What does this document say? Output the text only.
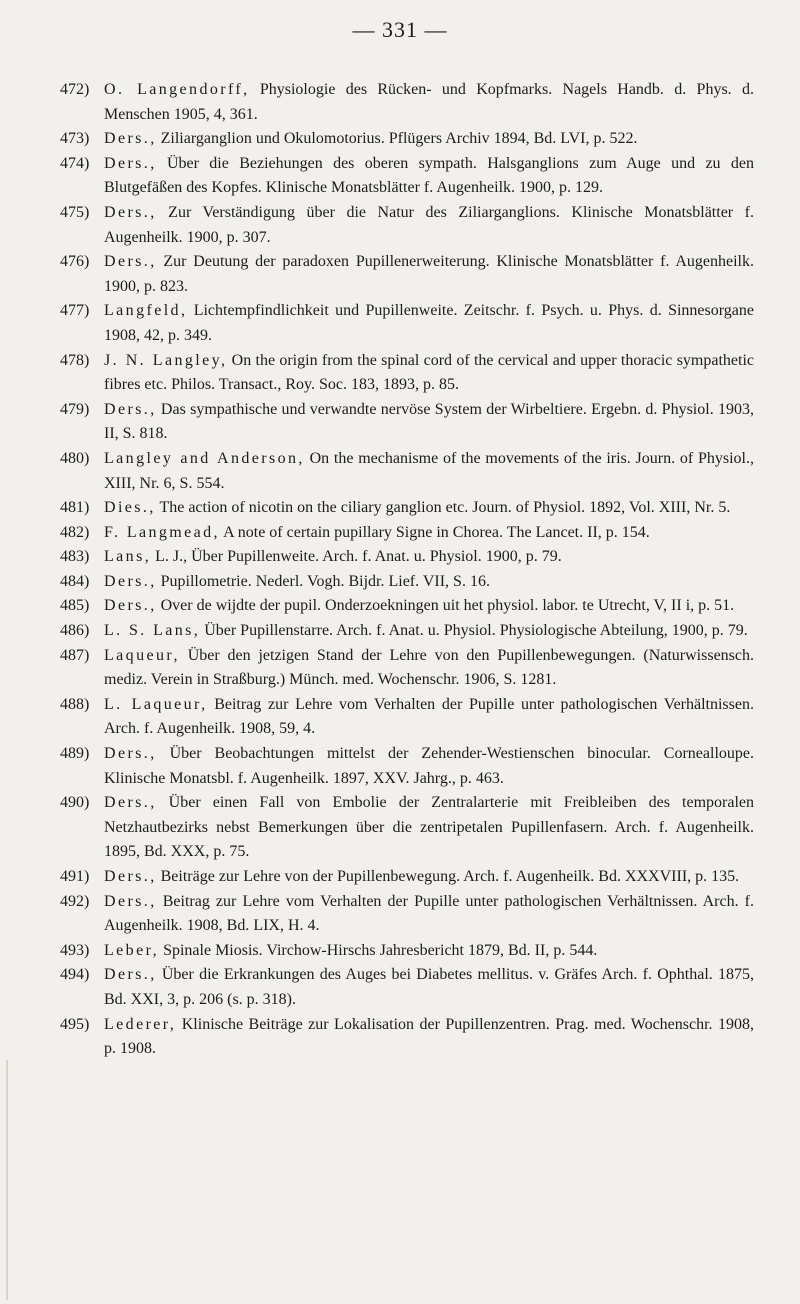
— 331 —
472) O. Langendorff, Physiologie des Rücken- und Kopfmarks. Nagels Handb. d. Phys. d. Menschen 1905, 4, 361.
473) Ders., Ziliarganglion und Okulomotorius. Pflügers Archiv 1894, Bd. LVI, p. 522.
474) Ders., Über die Beziehungen des oberen sympath. Halsganglions zum Auge und zu den Blutgefäßen des Kopfes. Klinische Monatsblätter f. Augenheilk. 1900, p. 129.
475) Ders., Zur Verständigung über die Natur des Ziliarganglions. Klinische Monatsblätter f. Augenheilk. 1900, p. 307.
476) Ders., Zur Deutung der paradoxen Pupillenerweiterung. Klinische Monatsblätter f. Augenheilk. 1900, p. 823.
477) Langfeld, Lichtempfindlichkeit und Pupillenweite. Zeitschr. f. Psych. u. Phys. d. Sinnesorgane 1908, 42, p. 349.
478) J. N. Langley, On the origin from the spinal cord of the cervical and upper thoracic sympathetic fibres etc. Philos. Transact., Roy. Soc. 183, 1893, p. 85.
479) Ders., Das sympathische und verwandte nervöse System der Wirbeltiere. Ergebn. d. Physiol. 1903, II, S. 818.
480) Langley and Anderson, On the mechanisme of the movements of the iris. Journ. of Physiol., XIII, Nr. 6, S. 554.
481) Dies., The action of nicotin on the ciliary ganglion etc. Journ. of Physiol. 1892, Vol. XIII, Nr. 5.
482) F. Langmead, A note of certain pupillary Signe in Chorea. The Lancet. II, p. 154.
483) Lans, L. J., Über Pupillenweite. Arch. f. Anat. u. Physiol. 1900, p. 79.
484) Ders., Pupillometrie. Nederl. Vogh. Bijdr. Lief. VII, S. 16.
485) Ders., Over de wijdte der pupil. Onderzoekningen uit het physiol. labor. te Utrecht, V, II i, p. 51.
486) L. S. Lans, Über Pupillenstarre. Arch. f. Anat. u. Physiol. Physiologische Abteilung, 1900, p. 79.
487) Laqueur, Über den jetzigen Stand der Lehre von den Pupillenbewegungen. (Naturwissensch. mediz. Verein in Straßburg.) Münch. med. Wochenschr. 1906, S. 1281.
488) L. Laqueur, Beitrag zur Lehre vom Verhalten der Pupille unter pathologischen Verhältnissen. Arch. f. Augenheilk. 1908, 59, 4.
489) Ders., Über Beobachtungen mittelst der Zehender-Westienschen binocular. Cornealloupe. Klinische Monatsbl. f. Augenheilk. 1897, XXV. Jahrg., p. 463.
490) Ders., Über einen Fall von Embolie der Zentralarterie mit Freibleiben des temporalen Netzhautbezirks nebst Bemerkungen über die zentripetalen Pupillenfasern. Arch. f. Augenheilk. 1895, Bd. XXX, p. 75.
491) Ders., Beiträge zur Lehre von der Pupillenbewegung. Arch. f. Augenheilk. Bd. XXXVIII, p. 135.
492) Ders., Beitrag zur Lehre vom Verhalten der Pupille unter pathologischen Verhältnissen. Arch. f. Augenheilk. 1908, Bd. LIX, H. 4.
493) Leber, Spinale Miosis. Virchow-Hirschs Jahresbericht 1879, Bd. II, p. 544.
494) Ders., Über die Erkrankungen des Auges bei Diabetes mellitus. v. Gräfes Arch. f. Ophthal. 1875, Bd. XXI, 3, p. 206 (s. p. 318).
495) Lederer, Klinische Beiträge zur Lokalisation der Pupillenzentren. Prag. med. Wochenschr. 1908, p. 1908.
